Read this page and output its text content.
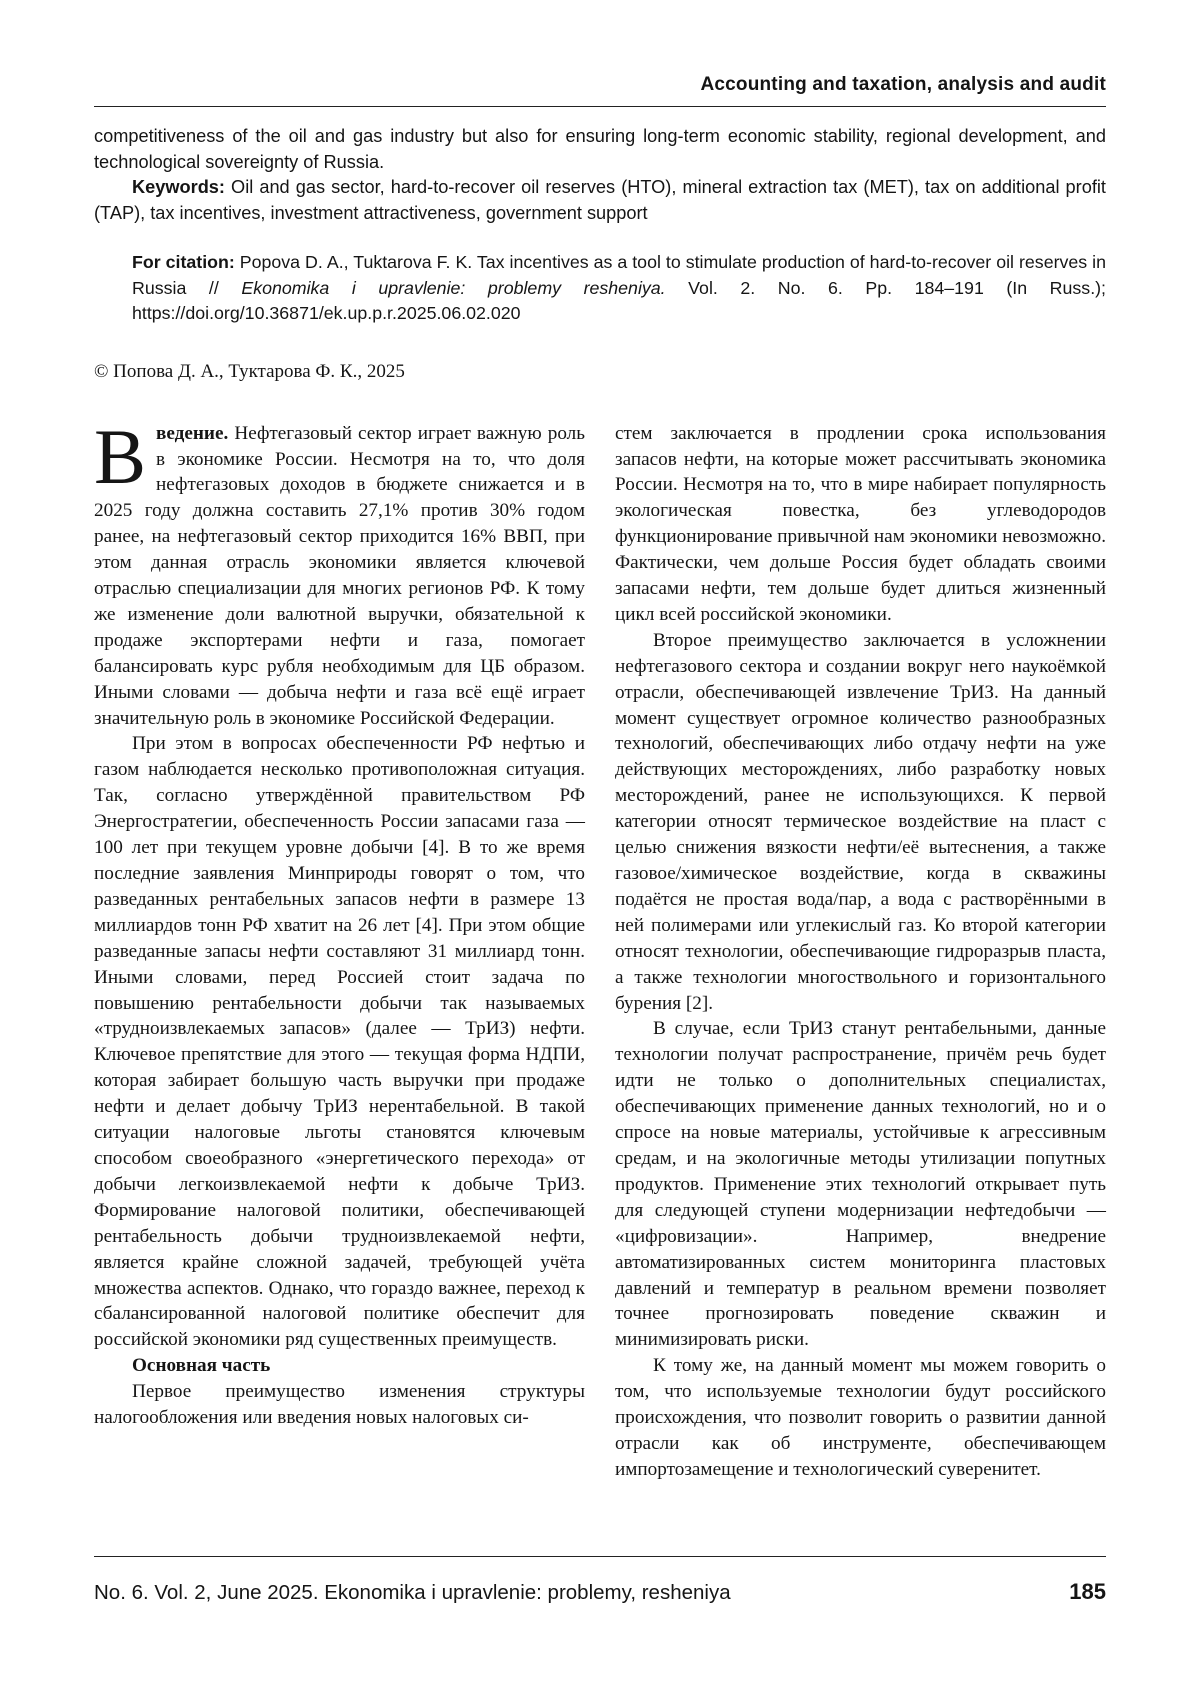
Accounting and taxation, analysis and audit

competitiveness of the oil and gas industry but also for ensuring long-term economic stability, regional development, and technological sovereignty of Russia.

Keywords: Oil and gas sector, hard-to-recover oil reserves (HTO), mineral extraction tax (MET), tax on additional profit (TAP), tax incentives, investment attractiveness, government support

For citation: Popova D. A., Tuktarova F. K. Tax incentives as a tool to stimulate production of hard-to-recover oil reserves in Russia // Ekonomika i upravlenie: problemy resheniya. Vol. 2. No. 6. Pp. 184–191 (In Russ.); https://doi.org/10.36871/ek.up.p.r.2025.06.02.020

© Попова Д. А., Туктарова Ф. К., 2025

Введение. Нефтегазовый сектор играет важную роль в экономике России. Несмотря на то, что доля нефтегазовых доходов в бюджете снижается и в 2025 году должна составить 27,1% против 30% годом ранее, на нефтегазовый сектор приходится 16% ВВП, при этом данная отрасль экономики является ключевой отраслью специализации для многих регионов РФ. К тому же изменение доли валютной выручки, обязательной к продаже экспортерами нефти и газа, помогает балансировать курс рубля необходимым для ЦБ образом. Иными словами — добыча нефти и газа всё ещё играет значительную роль в экономике Российской Федерации.

При этом в вопросах обеспеченности РФ нефтью и газом наблюдается несколько противоположная ситуация. Так, согласно утверждённой правительством РФ Энергостратегии, обеспеченность России запасами газа — 100 лет при текущем уровне добычи [4]. В то же время последние заявления Минприроды говорят о том, что разведанных рентабельных запасов нефти в размере 13 миллиардов тонн РФ хватит на 26 лет [4]. При этом общие разведанные запасы нефти составляют 31 миллиард тонн. Иными словами, перед Россией стоит задача по повышению рентабельности добычи так называемых «трудноизвлекаемых запасов» (далее — ТрИЗ) нефти. Ключевое препятствие для этого — текущая форма НДПИ, которая забирает большую часть выручки при продаже нефти и делает добычу ТрИЗ нерентабельной. В такой ситуации налоговые льготы становятся ключевым способом своеобразного «энергетического перехода» от добычи легкоизвлекаемой нефти к добыче ТрИЗ. Формирование налоговой политики, обеспечивающей рентабельность добычи трудноизвлекаемой нефти, является крайне сложной задачей, требующей учёта множества аспектов. Однако, что гораздо важнее, переход к сбалансированной налоговой политике обеспечит для российской экономики ряд существенных преимуществ.

Основная часть

Первое преимущество изменения структуры налогообложения или введения новых налоговых си-

стем заключается в продлении срока использования запасов нефти, на которые может рассчитывать экономика России. Несмотря на то, что в мире набирает популярность экологическая повестка, без углеводородов функционирование привычной нам экономики невозможно. Фактически, чем дольше Россия будет обладать своими запасами нефти, тем дольше будет длиться жизненный цикл всей российской экономики.

Второе преимущество заключается в усложнении нефтегазового сектора и создании вокруг него наукоёмкой отрасли, обеспечивающей извлечение ТрИЗ. На данный момент существует огромное количество разнообразных технологий, обеспечивающих либо отдачу нефти на уже действующих месторождениях, либо разработку новых месторождений, ранее не использующихся. К первой категории относят термическое воздействие на пласт с целью снижения вязкости нефти/её вытеснения, а также газовое/химическое воздействие, когда в скважины подаётся не простая вода/пар, а вода с растворёнными в ней полимерами или углекислый газ. Ко второй категории относят технологии, обеспечивающие гидроразрыв пласта, а также технологии многоствольного и горизонтального бурения [2].

В случае, если ТрИЗ станут рентабельными, данные технологии получат распространение, причём речь будет идти не только о дополнительных специалистах, обеспечивающих применение данных технологий, но и о спросе на новые материалы, устойчивые к агрессивным средам, и на экологичные методы утилизации попутных продуктов. Применение этих технологий открывает путь для следующей ступени модернизации нефтедобычи — «цифровизации». Например, внедрение автоматизированных систем мониторинга пластовых давлений и температур в реальном времени позволяет точнее прогнозировать поведение скважин и минимизировать риски.

К тому же, на данный момент мы можем говорить о том, что используемые технологии будут российского происхождения, что позволит говорить о развитии данной отрасли как об инструменте, обеспечивающем импортозамещение и технологический суверенитет.

No. 6. Vol. 2, June 2025. Ekonomika i upravlenie: problemy, resheniya	185
